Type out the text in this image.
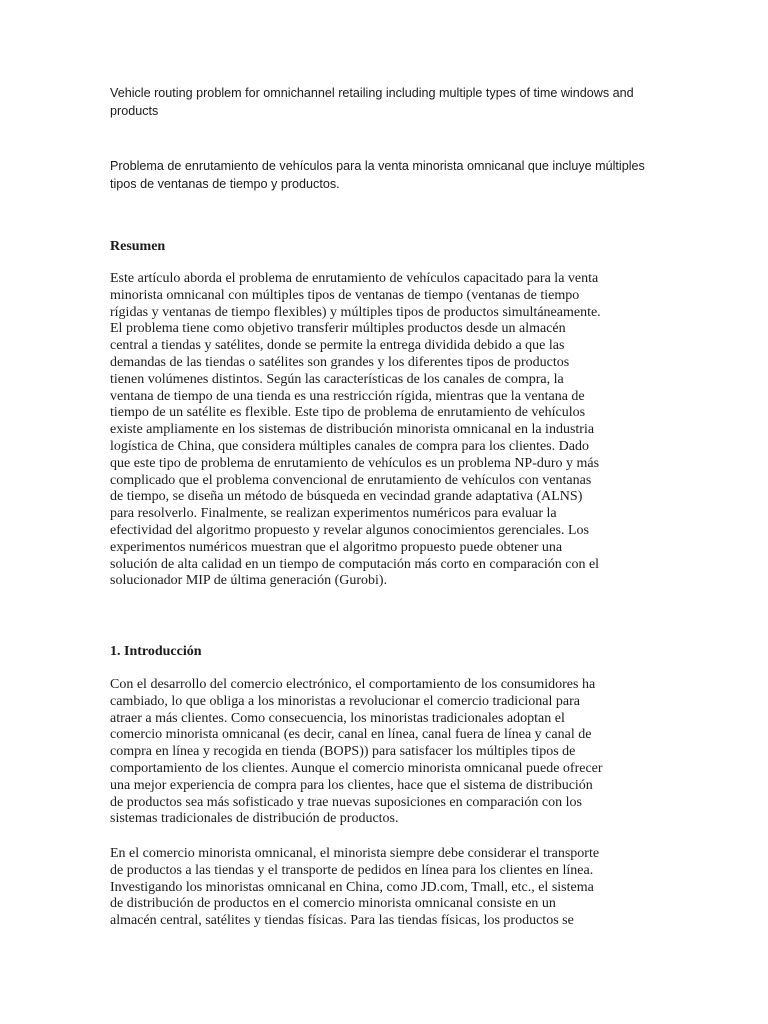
Vehicle routing problem for omnichannel retailing including multiple types of time windows and products
Problema de enrutamiento de vehículos para la venta minorista omnicanal que incluye múltiples tipos de ventanas de tiempo y productos.
Resumen

Este artículo aborda el problema de enrutamiento de vehículos capacitado para la venta
minorista omnicanal con múltiples tipos de ventanas de tiempo (ventanas de tiempo
rígidas y ventanas de tiempo flexibles) y múltiples tipos de productos simultáneamente.
El problema tiene como objetivo transferir múltiples productos desde un almacén
central a tiendas y satélites, donde se permite la entrega dividida debido a que las
demandas de las tiendas o satélites son grandes y los diferentes tipos de productos
tienen volúmenes distintos. Según las características de los canales de compra, la
ventana de tiempo de una tienda es una restricción rígida, mientras que la ventana de
tiempo de un satélite es flexible. Este tipo de problema de enrutamiento de vehículos
existe ampliamente en los sistemas de distribución minorista omnicanal en la industria
logística de China, que considera múltiples canales de compra para los clientes. Dado
que este tipo de problema de enrutamiento de vehículos es un problema NP-duro y más
complicado que el problema convencional de enrutamiento de vehículos con ventanas
de tiempo, se diseña un método de búsqueda en vecindad grande adaptativa (ALNS)
para resolverlo. Finalmente, se realizan experimentos numéricos para evaluar la
efectividad del algoritmo propuesto y revelar algunos conocimientos gerenciales. Los
experimentos numéricos muestran que el algoritmo propuesto puede obtener una
solución de alta calidad en un tiempo de computación más corto en comparación con el
solucionador MIP de última generación (Gurobi).

1. Introducción

Con el desarrollo del comercio electrónico, el comportamiento de los consumidores ha
cambiado, lo que obliga a los minoristas a revolucionar el comercio tradicional para
atraer a más clientes. Como consecuencia, los minoristas tradicionales adoptan el
comercio minorista omnicanal (es decir, canal en línea, canal fuera de línea y canal de
compra en línea y recogida en tienda (BOPS)) para satisfacer los múltiples tipos de
comportamiento de los clientes. Aunque el comercio minorista omnicanal puede ofrecer
una mejor experiencia de compra para los clientes, hace que el sistema de distribución
de productos sea más sofisticado y trae nuevas suposiciones en comparación con los
sistemas tradicionales de distribución de productos.

En el comercio minorista omnicanal, el minorista siempre debe considerar el transporte
de productos a las tiendas y el transporte de pedidos en línea para los clientes en línea.
Investigando los minoristas omnicanal en China, como JD.com, Tmall, etc., el sistema
de distribución de productos en el comercio minorista omnicanal consiste en un
almacén central, satélites y tiendas físicas. Para las tiendas físicas, los productos se
